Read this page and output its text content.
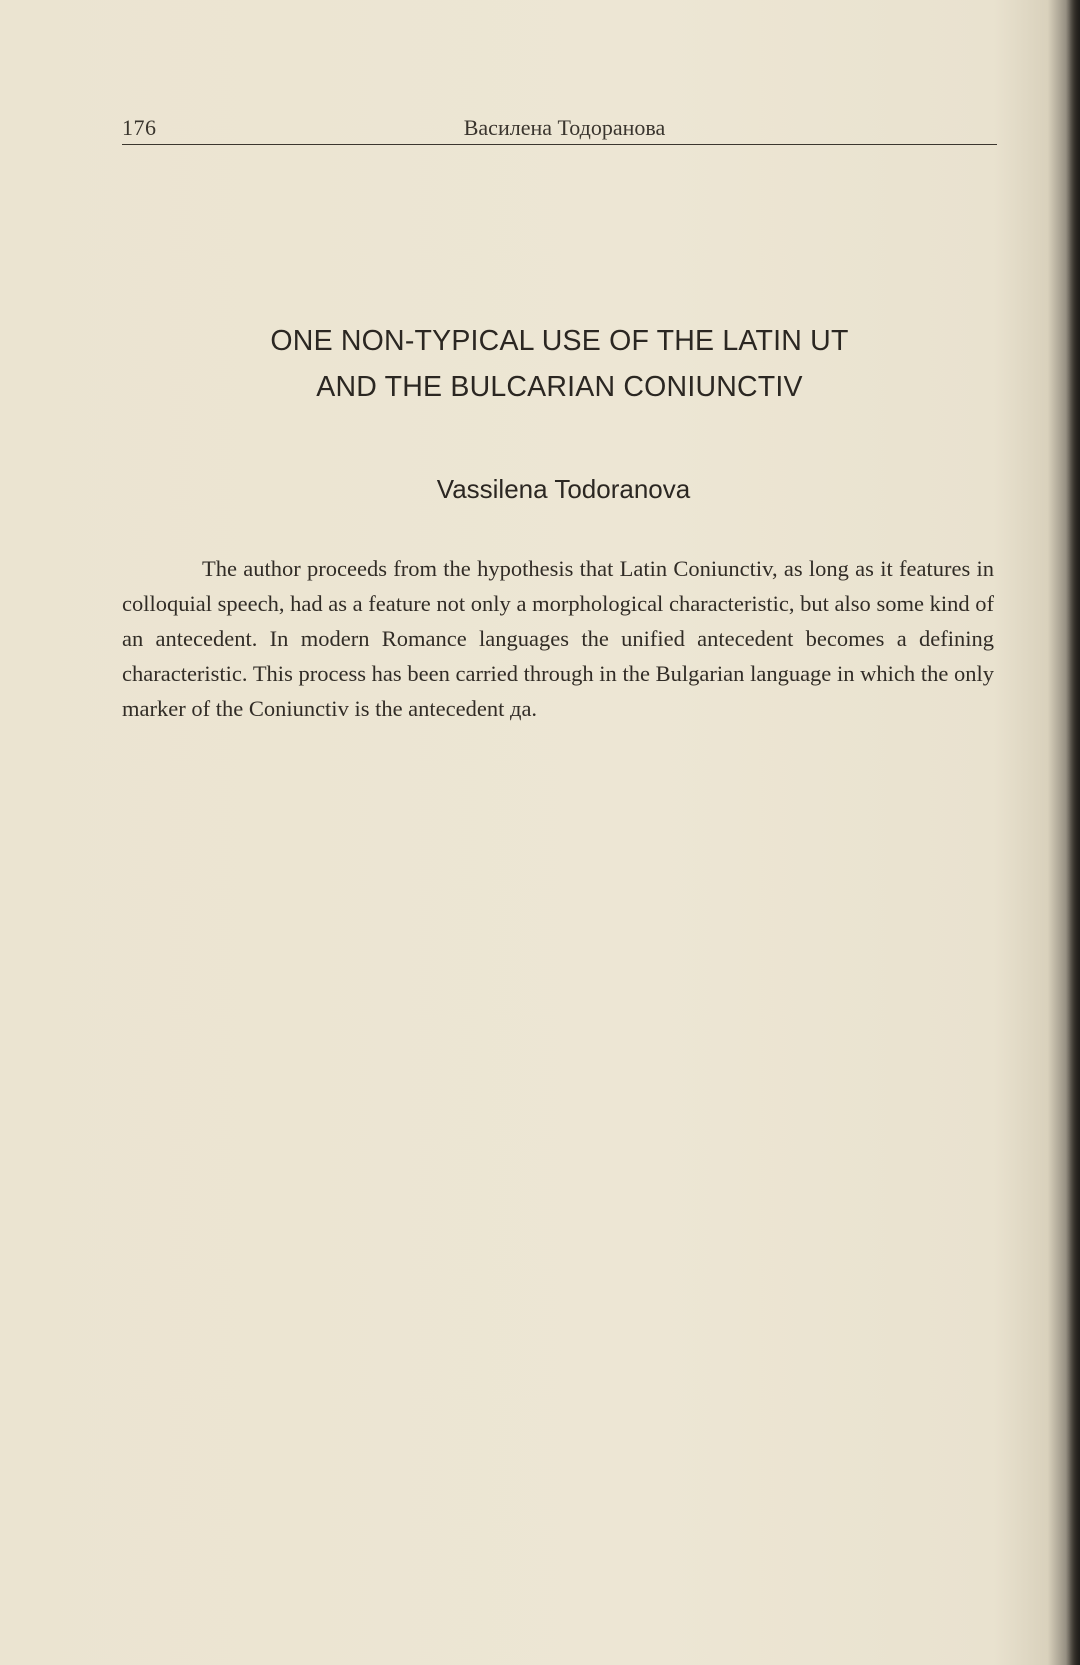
176	Василена Тодоранова
ONE NON-TYPICAL USE OF THE LATIN UT
AND THE BULCARIAN CONIUNCTIV
Vassilena Todoranova

The author proceeds from the hypothesis that Latin Coniunctiv, as long as it features in colloquial speech, had as a feature not only a morphological characteristic, but also some kind of an antecedent. In modern Romance languages the unified antecedent becomes a defining characteristic. This process has been carried through in the Bulgarian language in which the only marker of the Coniunctiv is the antecedent да.
